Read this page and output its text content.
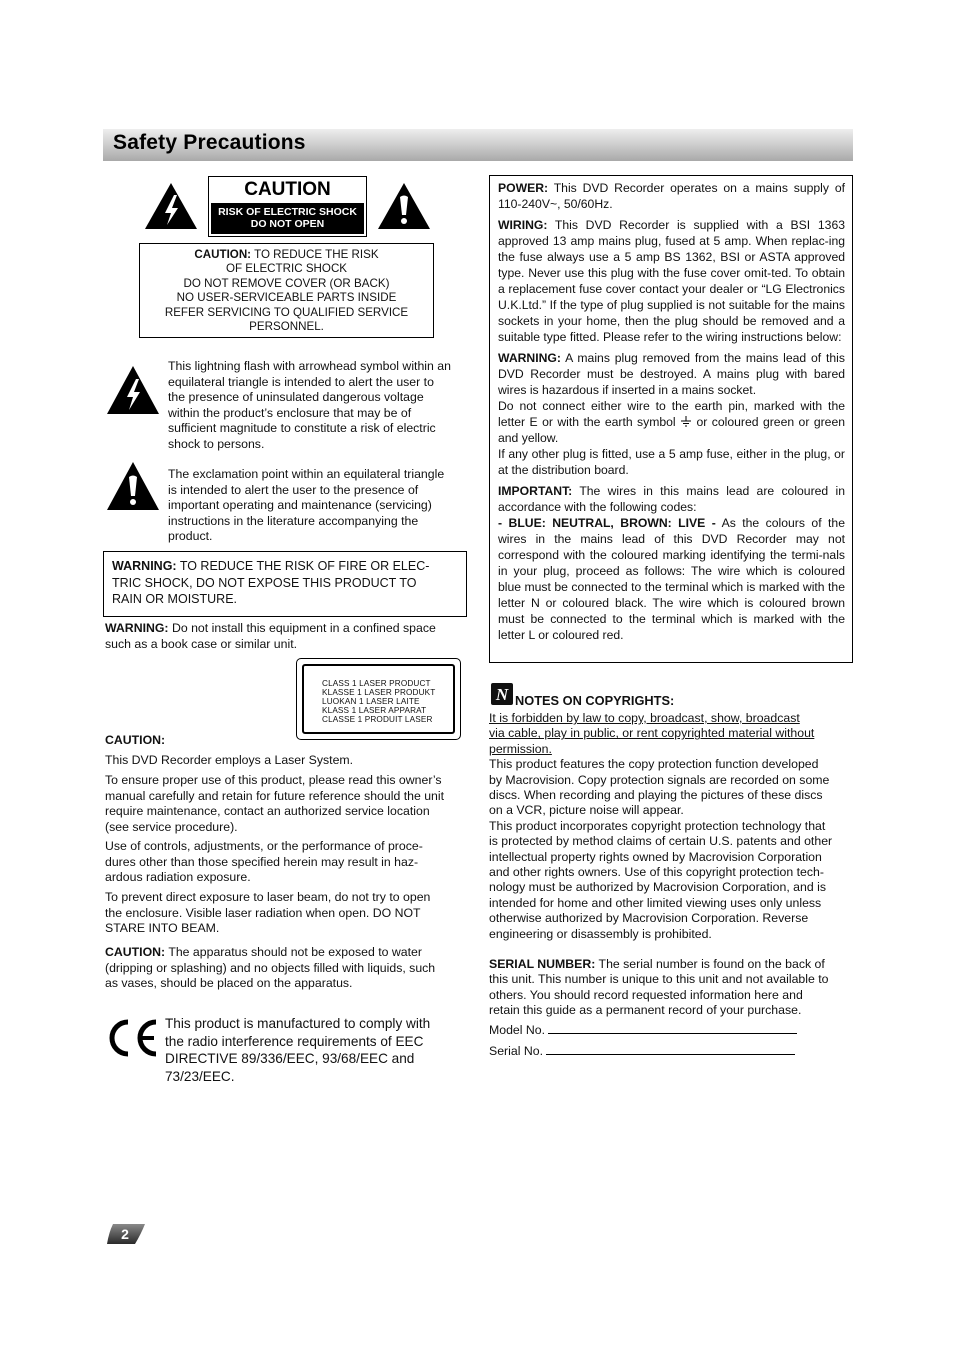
Safety Precautions
CAUTION
RISK OF ELECTRIC SHOCK
DO NOT OPEN
CAUTION: TO REDUCE THE RISK
OF ELECTRIC SHOCK
DO NOT REMOVE COVER (OR BACK)
NO USER-SERVICEABLE PARTS INSIDE
REFER SERVICING TO QUALIFIED SERVICE
PERSONNEL.
This lightning flash with arrowhead symbol within an
equilateral triangle is intended to alert the user to
the presence of uninsulated dangerous voltage
within the product’s enclosure that may be of
sufficient magnitude to constitute a risk of electric
shock to persons.
The exclamation point within an equilateral triangle
is intended to alert the user to the presence of
important operating and maintenance (servicing)
instructions in the literature accompanying the
product.
WARNING: TO REDUCE THE RISK OF FIRE OR ELEC-
TRIC SHOCK, DO NOT EXPOSE THIS PRODUCT TO
RAIN OR MOISTURE.
WARNING: Do not install this equipment in a confined space
such as a book case or similar unit.
CLASS 1 LASER PRODUCT
KLASSE 1 LASER PRODUKT
LUOKAN 1 LASER LAITE
KLASS 1 LASER APPARAT
CLASSE 1 PRODUIT LASER
CAUTION:
This DVD Recorder employs a Laser System.
To ensure proper use of this product, please read this owner’s
manual carefully and retain for future reference should the unit
require maintenance, contact an authorized service location
(see service procedure).
Use of controls, adjustments, or the performance of proce-
dures other than those specified herein may result in haz-
ardous radiation exposure.
To prevent direct exposure to laser beam, do not try to open
the enclosure. Visible laser radiation when open. DO NOT
STARE INTO BEAM.
CAUTION: The apparatus should not be exposed to water
(dripping or splashing) and no objects filled with liquids, such
as vases, should be placed on the apparatus.
This product is manufactured to comply with
the radio interference requirements of EEC
DIRECTIVE 89/336/EEC, 93/68/EEC and
73/23/EEC.

POWER: This DVD Recorder operates on a mains supply of 110-240V~, 50/60Hz.

WIRING: This DVD Recorder is supplied with a BSI 1363 approved 13 amp mains plug, fused at 5 amp. When replac-ing the fuse always use a 5 amp BS 1362, BSI or ASTA approved type. Never use this plug with the fuse cover omit-ted. To obtain a replacement fuse cover contact your dealer or “LG Electronics U.K.Ltd.” If the type of plug supplied is not suitable for the mains sockets in your home, then the plug should be removed and a suitable type fitted. Please refer to the wiring instructions below:

WARNING: A mains plug removed from the mains lead of this DVD Recorder must be destroyed. A mains plug with bared wires is hazardous if inserted in a mains socket.

Do not connect either wire to the earth pin, marked with the letter E or with the earth symbol  or coloured green or green and yellow.

If any other plug is fitted, use a 5 amp fuse, either in the plug, or at the distribution board.

IMPORTANT: The wires in this mains lead are coloured in accordance with the following codes:

- BLUE: NEUTRAL, BROWN: LIVE - As the colours of the wires in the mains lead of this DVD Recorder may not correspond with the coloured marking identifying the termi-nals in your plug, proceed as follows: The wire which is coloured blue must be connected to the terminal which is marked with the letter N or coloured black. The wire which is coloured brown must be connected to the terminal which is marked with the letter L or coloured red.

N NOTES ON COPYRIGHTS:
It is forbidden by law to copy, broadcast, show, broadcast
via cable, play in public, or rent copyrighted material without
permission.
This product features the copy protection function developed
by Macrovision. Copy protection signals are recorded on some
discs. When recording and playing the pictures of these discs
on a VCR, picture noise will appear.
This product incorporates copyright protection technology that
is protected by method claims of certain U.S. patents and other
intellectual property rights owned by Macrovision Corporation
and other rights owners. Use of this copyright protection tech-
nology must be authorized by Macrovision Corporation, and is
intended for home and other limited viewing uses only unless
otherwise authorized by Macrovision Corporation. Reverse
engineering or disassembly is prohibited.
SERIAL NUMBER: The serial number is found on the back of
this unit. This number is unique to this unit and not available to
others. You should record requested information here and
retain this guide as a permanent record of your purchase.
Model No.
Serial No.
2
